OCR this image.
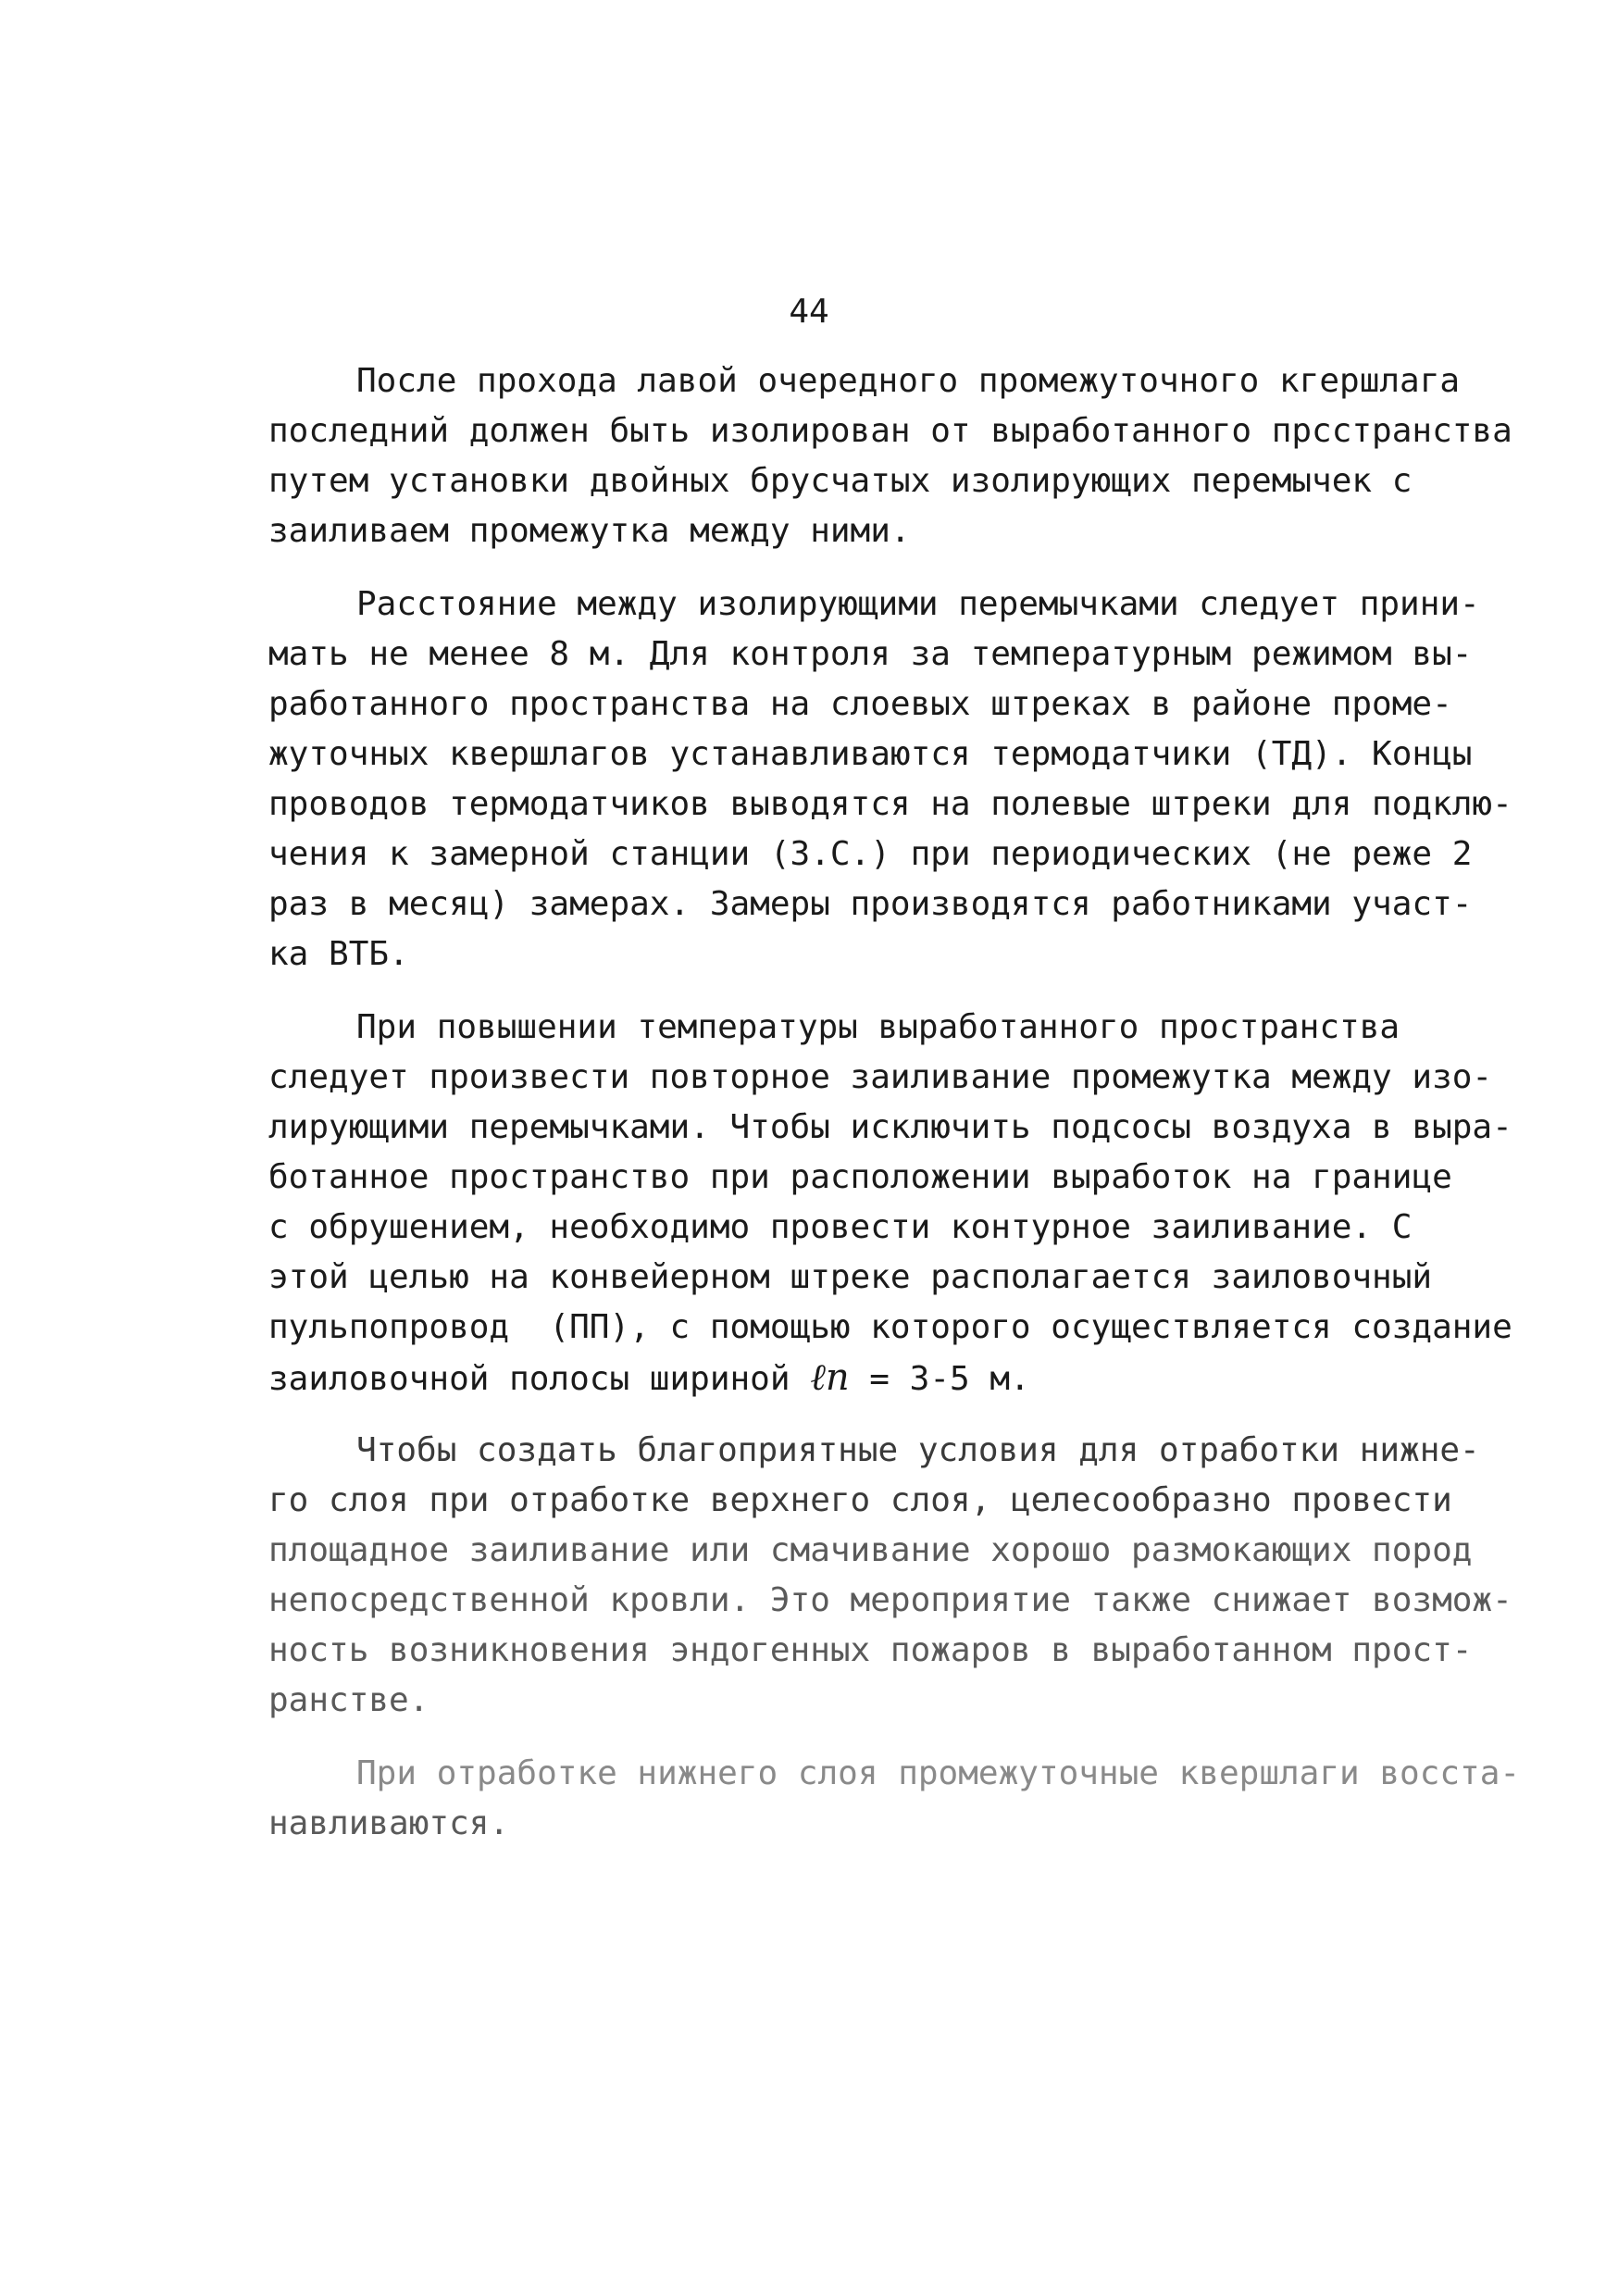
44
После прохода лавой очередного промежуточного кгершлага
последний должен быть изолирован от выработанного прсстранства
путем установки двойных брусчатых изолирующих перемычек с
заиливаем промежутка между ними.
Расстояние между изолирующими перемычками следует прини-
мать не менее 8 м. Для контроля за температурным режимом вы-
работанного пространства на слоевых штреках в районе проме-
жуточных квершлагов устанавливаются термодатчики (ТД). Концы
проводов термодатчиков выводятся на полевые штреки для подклю-
чения к замерной станции (З.С.) при периодических (не реже 2
раз в месяц) замерах. Замеры производятся работниками участ-
ка ВТБ.
При повышении температуры выработанного пространства
следует произвести повторное заиливание промежутка между изо-
лирующими перемычками. Чтобы исключить подсосы воздуха в выра-
ботанное пространство при расположении выработок на границе
с обрушением, необходимо провести контурное заиливание. С
этой целью на конвейерном штреке располагается заиловочный
пульпопровод  (ПП), с помощью которого осуществляется создание
заиловочной полосы шириной ℓп = 3-5 м.
Чтобы создать благоприятные условия для отработки нижне-
го слоя при отработке верхнего слоя, целесообразно провести
площадное заиливание или смачивание хорошо размокающих пород
непосредственной кровли. Это мероприятие также снижает возмож-
ность возникновения эндогенных пожаров в выработанном прост-
ранстве.
При отработке нижнего слоя промежуточные квершлаги восста-
навливаются.
